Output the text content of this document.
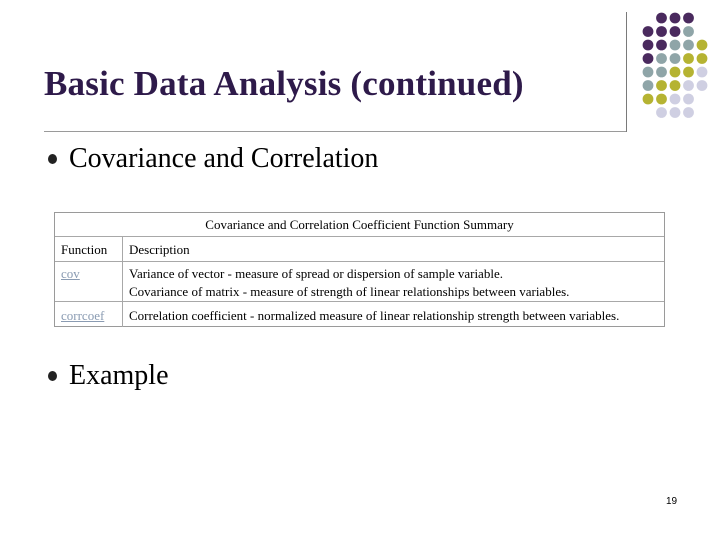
Basic Data Analysis (continued)
Covariance and Correlation
Covariance and Correlation Coefficient Function Summary
Function Description
cov	Variance of vector - measure of spread or dispersion of sample variable.
Covariance of matrix - measure of strength of linear relationships between variables.
corrcoef Correlation coefficient - normalized measure of linear relationship strength between variables.
Example
19
